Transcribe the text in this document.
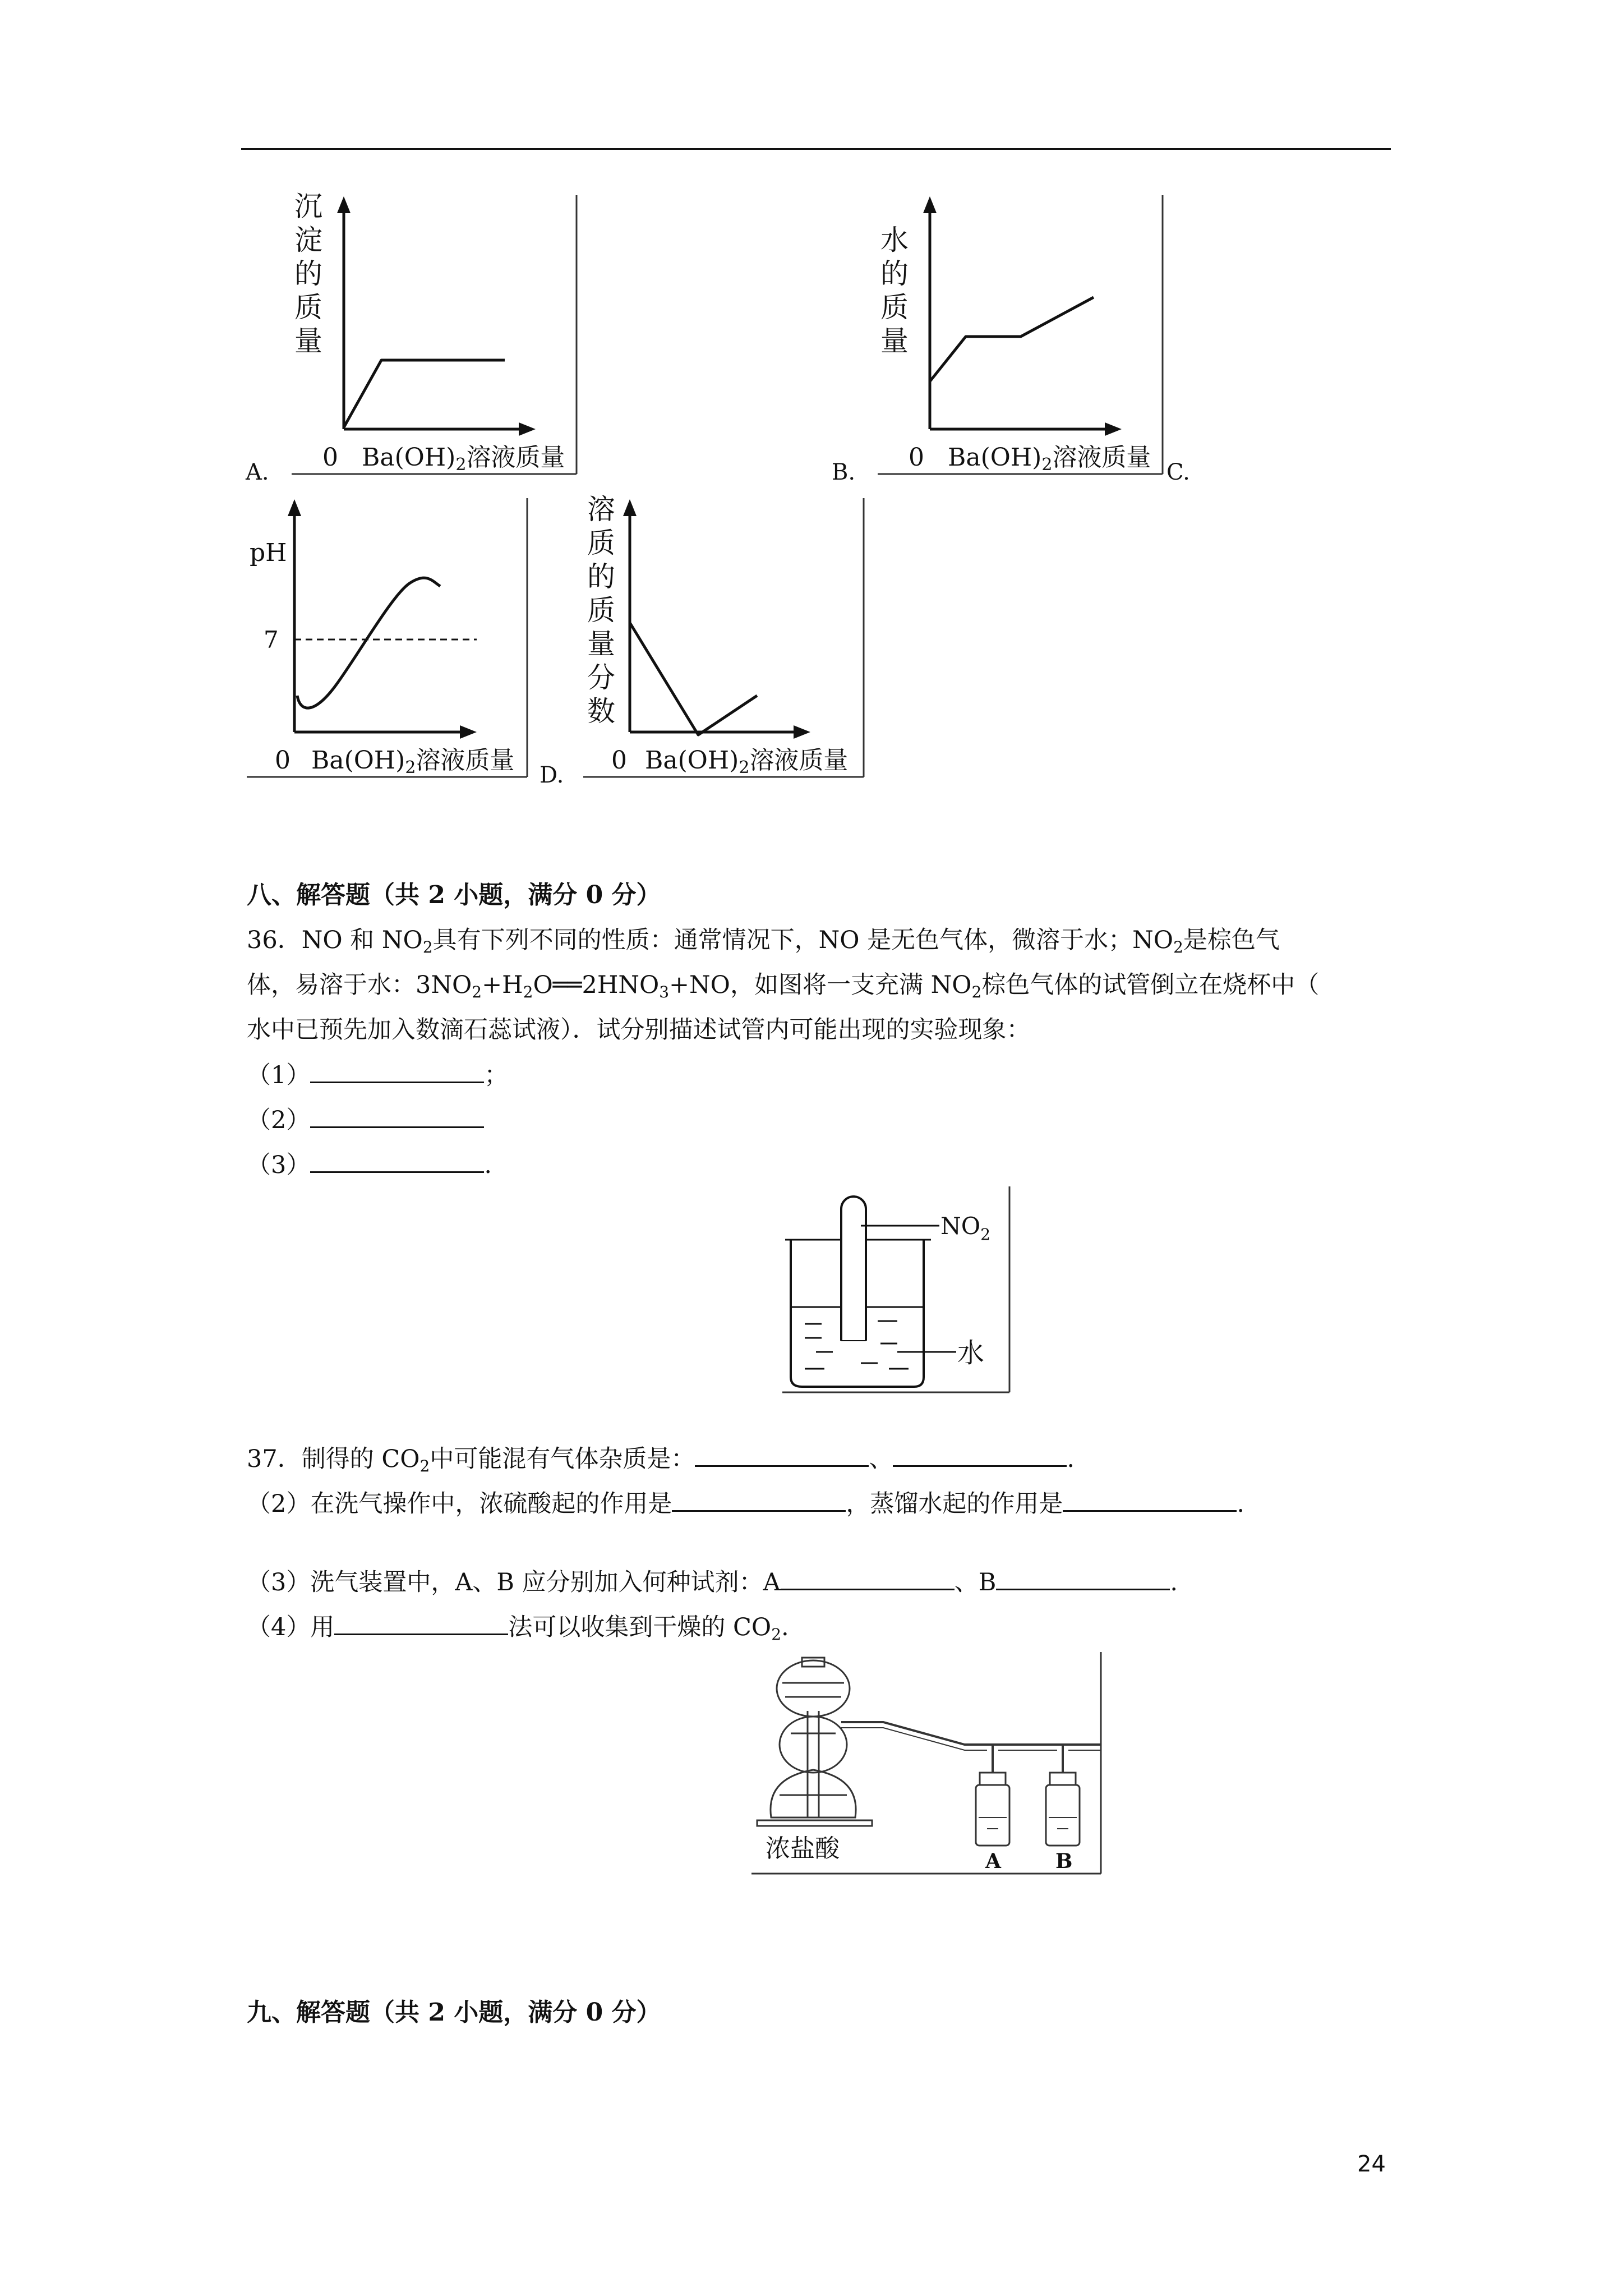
沉
淀
的
质
量
0 Ba(OH)2溶液质量
A.
水
的
质
量
0 Ba(OH)2溶液质量
B.	C.
pH
7
0 Ba(OH)2溶液质量
溶
质
的
质
量
分
数
0 Ba(OH)2溶液质量
D.
八、解答题（共 2 小题，满分 0 分）
36．NO 和 $NO_2$具有下列不同的性质：通常情况下，NO 是无色气体，微溶于水；$NO_2$是棕色气
体，易溶于水：$3NO_2+H_2O══2HNO_3+NO$，如图将一支充满 $NO_2$棕色气体的试管倒立在烧杯中（
水中已预先加入数滴石蕊试液）．试分别描述试管内可能出现的实验现象：
（1）	；
（2）
（3）	.
$NO_2$
水
37．制得的 $CO_2$中可能混有气体杂质是：	、	.
（2）在洗气操作中，浓硫酸起的作用是	，蒸馏水起的作用是	.
（3）洗气装置中，A、B 应分别加入何种试剂：A	、B	.
（4）用	法可以收集到干燥的 $CO_2$.
浓盐酸	A	B
九、解答题（共 2 小题，满分 0 分）
24
